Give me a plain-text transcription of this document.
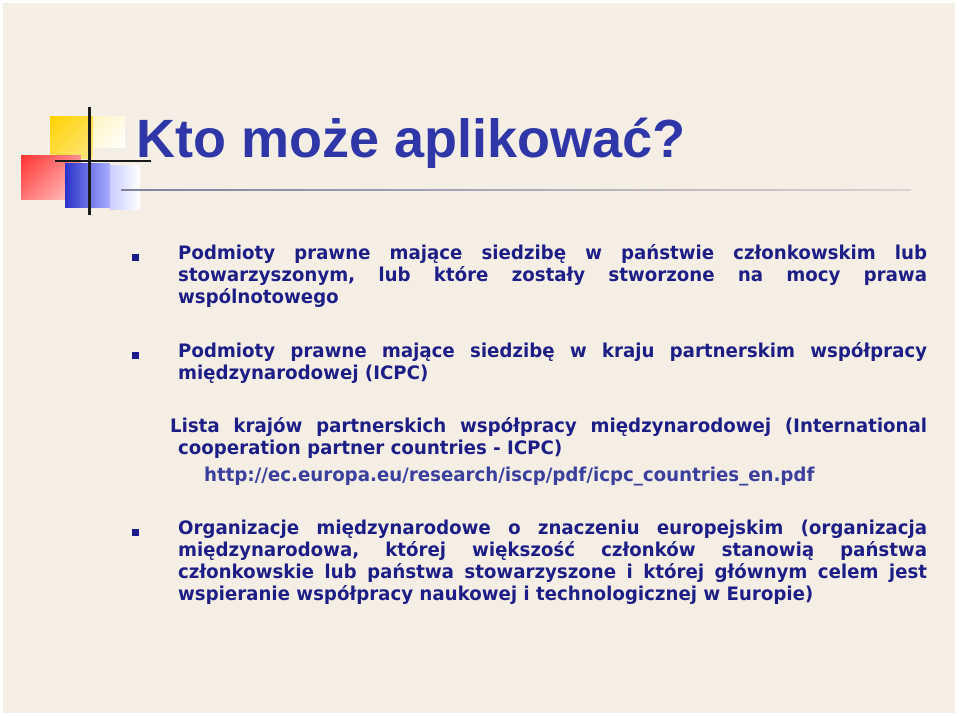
Kto może aplikować?

Podmioty prawne mające siedzibę w państwie członkowskim lub
stowarzyszonym, lub które zostały stworzone na mocy prawa
wspólnotowego

Podmioty prawne mające siedzibę w kraju partnerskim współpracy
międzynarodowej (ICPC)

Lista krajów partnerskich współpracy międzynarodowej (International
cooperation partner countries - ICPC)

http://ec.europa.eu/research/iscp/pdf/icpc_countries_en.pdf

Organizacje międzynarodowe o znaczeniu europejskim (organizacja
międzynarodowa, której większość członków stanowią państwa
członkowskie lub państwa stowarzyszone i której głównym celem jest
wspieranie współpracy naukowej i technologicznej w Europie)
